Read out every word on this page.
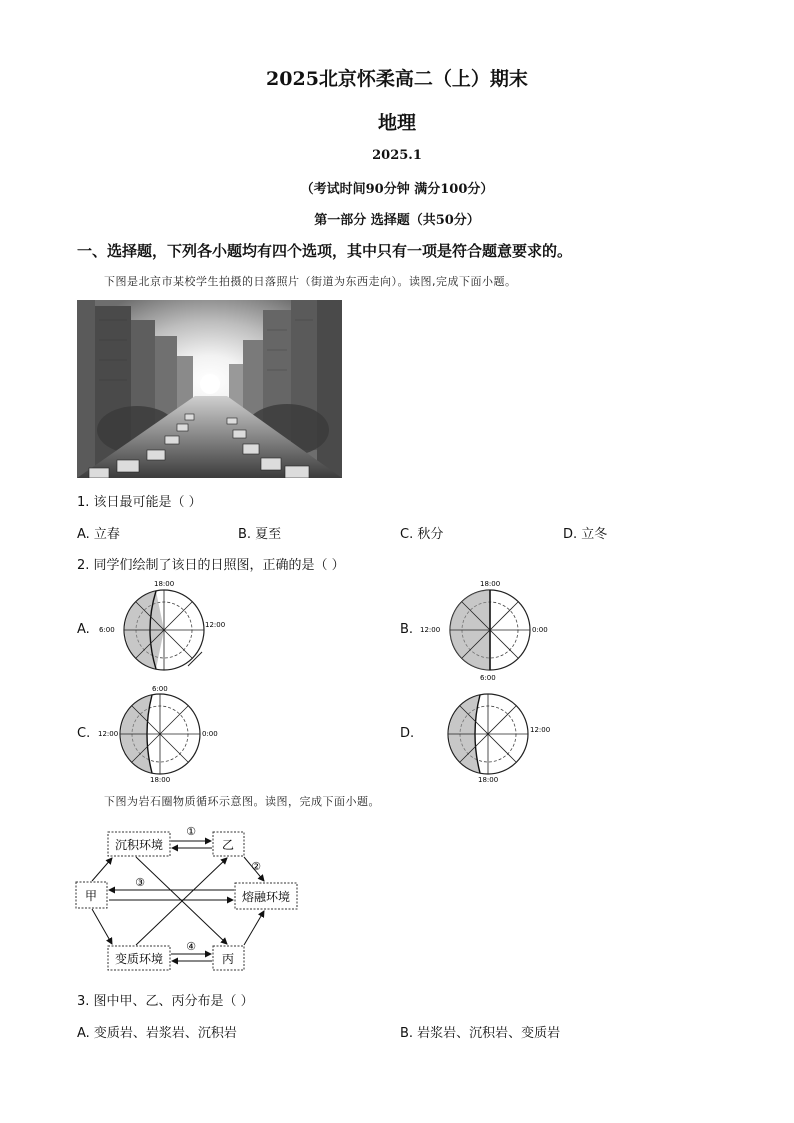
2025北京怀柔高二（上）期末
地理
2025.1
（考试时间90分钟 满分100分）
第一部分 选择题（共50分）
一、选择题，下列各小题均有四个选项，其中只有一项是符合题意要求的。
下图是北京市某校学生拍摄的日落照片（街道为东西走向）。读图,完成下面小题。
1. 该日最可能是（ ）
A. 立春	B. 夏至	C. 秋分	D. 立冬
2. 同学们绘制了该日的日照图，正确的是（ ）
A.
18:00
6:00
12:00	B.
18:00
12:00	0:00
6:00
C.
6:00
12:00	0:00
18:00
D.	12:00
18:00
下图为岩石圈物质循环示意图。读图，完成下面小题。
沉积环境	乙
甲	熔融环境
变质环境	丙
①
②
③
④
3. 图中甲、乙、丙分布是（ ）
A. 变质岩、岩浆岩、沉积岩	B. 岩浆岩、沉积岩、变质岩
